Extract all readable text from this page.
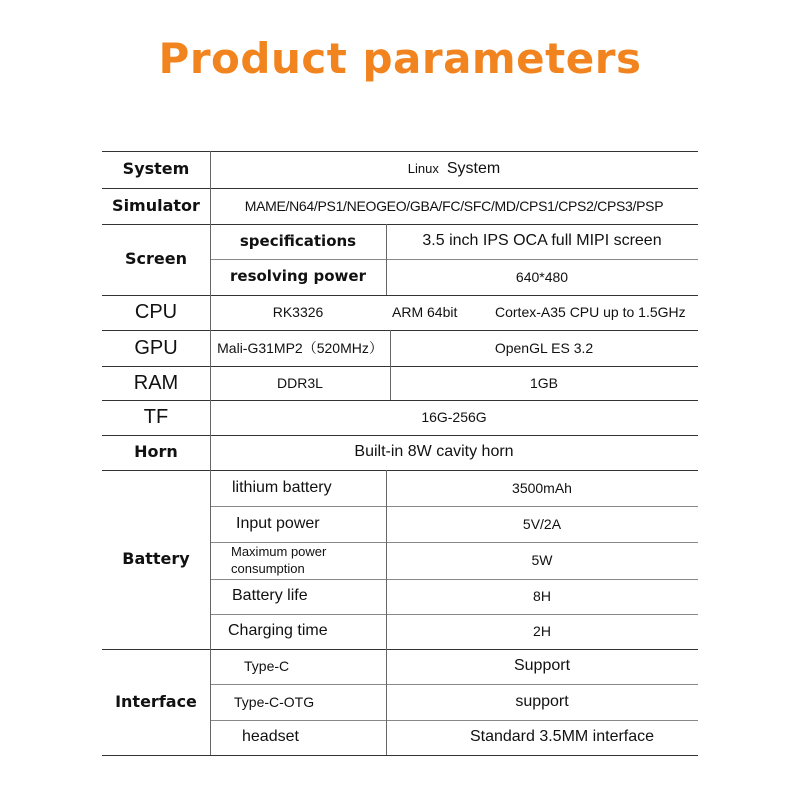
Product parameters
System	Linux System
Simulator	MAME/N64/PS1/NEOGEO/GBA/FC/SFC/MD/CPS1/CPS2/CPS3/PSP
Screen
specifications	3.5 inch IPS OCA full MIPI screen
resolving power	640*480
CPU	RK3326	ARM 64bit	Cortex-A35 CPU up to 1.5GHz
GPU	Mali-G31MP2（520MHz）	OpenGL ES 3.2
RAM	DDR3L	1GB
TF	16G-256G
Horn	Built-in 8W cavity horn
Battery
lithium battery	3500mAh
Input power	5V/2A
Maximum power consumption	5W
Battery life	8H
Charging time	2H
Interface
Type-C	Support
Type-C-OTG	support
headset	Standard 3.5MM interface
